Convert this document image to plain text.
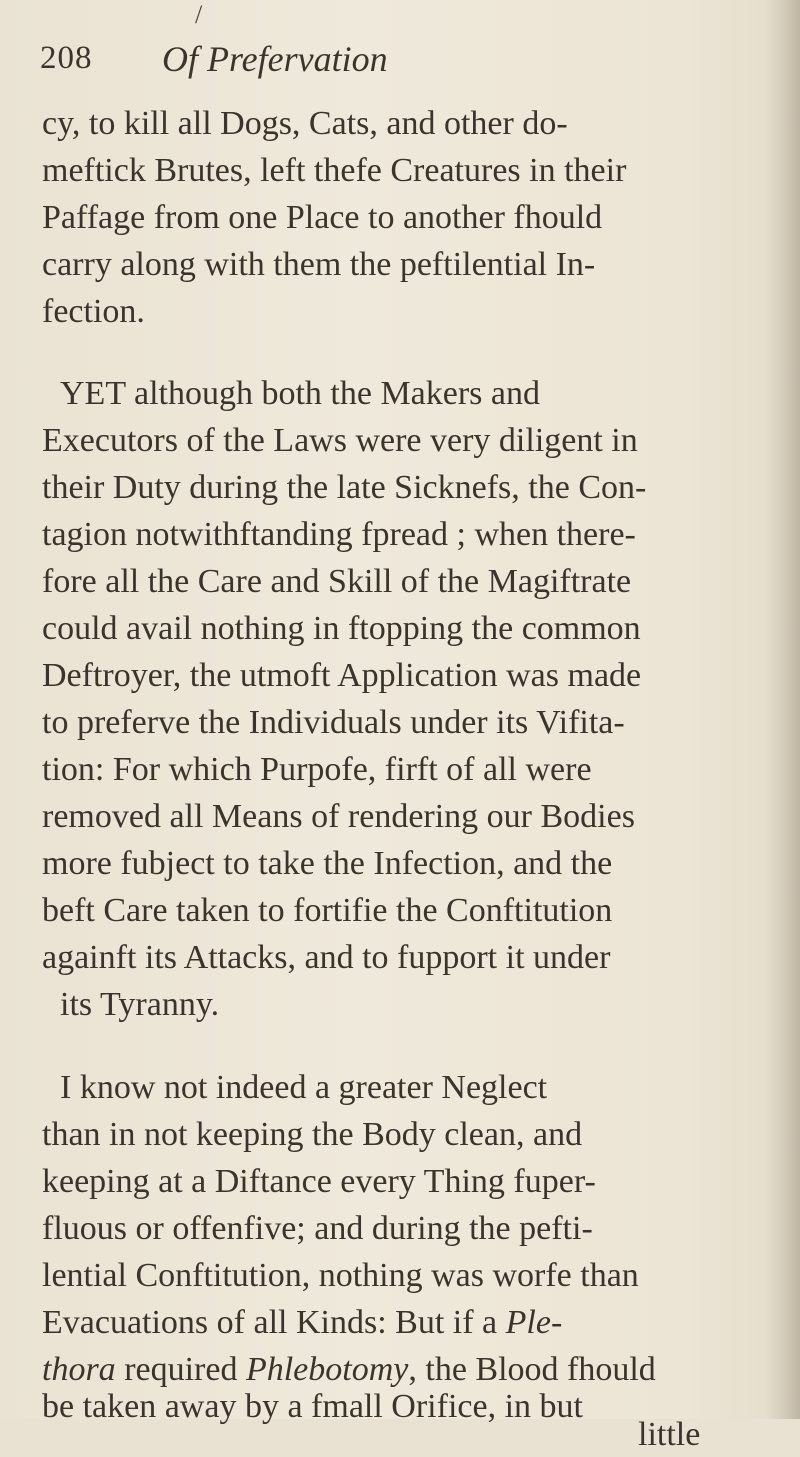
/
208 Of Prefervation
cy, to kill all Dogs, Cats, and other do-
meftick Brutes, left thefe Creatures in their
Paffage from one Place to another fhould
carry along with them the peftilential In-
fection.
YET although both the Makers and
Executors of the Laws were very diligent in
their Duty during the late Sicknefs, the Con-
tagion notwithftanding fpread ; when there-
fore all the Care and Skill of the Magiftrate
could avail nothing in ftopping the common
Deftroyer, the utmoft Application was made
to preferve the Individuals under its Vifita-
tion: For which Purpofe, firft of all were
removed all Means of rendering our Bodies
more fubject to take the Infection, and the
beft Care taken to fortifie the Conftitution
againft its Attacks, and to fupport it under
its Tyranny.
I know not indeed a greater Neglect
than in not keeping the Body clean, and
keeping at a Diftance every Thing fuper-
fluous or offenfive; and during the pefti-
lential Conftitution, nothing was worfe than
Evacuations of all Kinds: But if a Ple-
thora required Phlebotomy, the Blood fhould
be taken away by a fmall Orifice, in but
little
